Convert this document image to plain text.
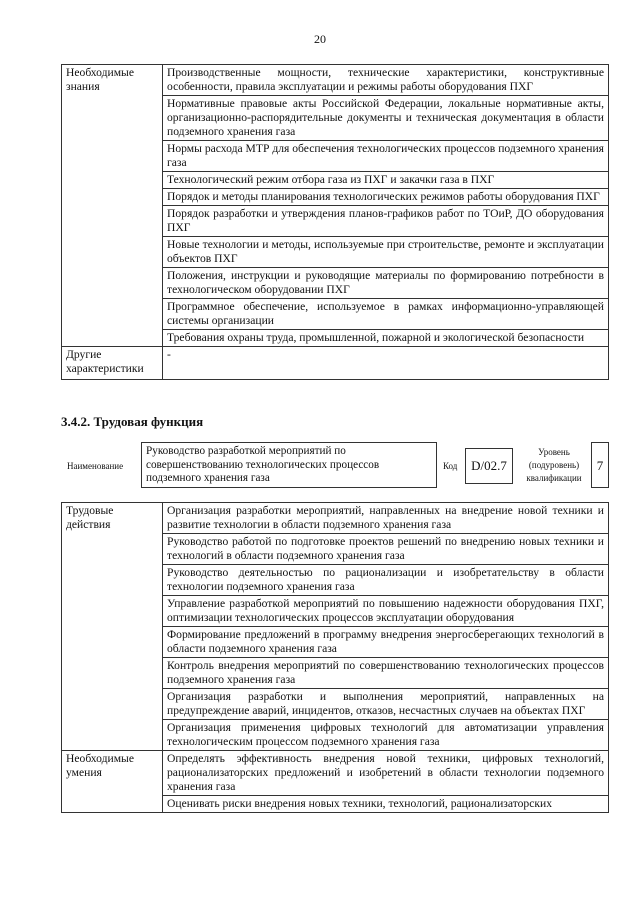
20
Необходимые знания	Производственные мощности, технические характеристики, конструктивные особенности, правила эксплуатации и режимы работы оборудования ПХГ
	Нормативные правовые акты Российской Федерации, локальные нормативные акты, организационно-распорядительные документы и техническая документация в области подземного хранения газа
	Нормы расхода МТР для обеспечения технологических процессов подземного хранения газа
	Технологический режим отбора газа из ПХГ и закачки газа в ПХГ
	Порядок и методы планирования технологических режимов работы оборудования ПХГ
	Порядок разработки и утверждения планов-графиков работ по ТОиР, ДО оборудования ПХГ
	Новые технологии и методы, используемые при строительстве, ремонте и эксплуатации объектов ПХГ
	Положения, инструкции и руководящие материалы по формированию потребности в технологическом оборудовании ПХГ
	Программное обеспечение, используемое в рамках информационно-управляющей системы организации
	Требования охраны труда, промышленной, пожарной и экологической безопасности
Другие характеристики	-
3.4.2. Трудовая функция
Наименование
Руководство разработкой мероприятий по совершенствованию технологических процессов подземного хранения газа
Код	D/02.7
Уровень (подуровень) квалификации
7
Трудовые действия	Организация разработки мероприятий, направленных на внедрение новой техники и развитие технологии в области подземного хранения газа
	Руководство работой по подготовке проектов решений по внедрению новых техники и технологий в области подземного хранения газа
	Руководство деятельностью по рационализации и изобретательству в области технологии подземного хранения газа
	Управление разработкой мероприятий по повышению надежности оборудования ПХГ, оптимизации технологических процессов эксплуатации оборудования
	Формирование предложений в программу внедрения энергосберегающих технологий в области подземного хранения газа
	Контроль внедрения мероприятий по совершенствованию технологических процессов подземного хранения газа
	Организация разработки и выполнения мероприятий, направленных на предупреждение аварий, инцидентов, отказов, несчастных случаев на объектах ПХГ
	Организация применения цифровых технологий для автоматизации управления технологическим процессом подземного хранения газа
Необходимые умения	Определять эффективность внедрения новой техники, цифровых технологий, рационализаторских предложений и изобретений в области технологии подземного хранения газа
	Оценивать риски внедрения новых техники, технологий, рационализаторских
